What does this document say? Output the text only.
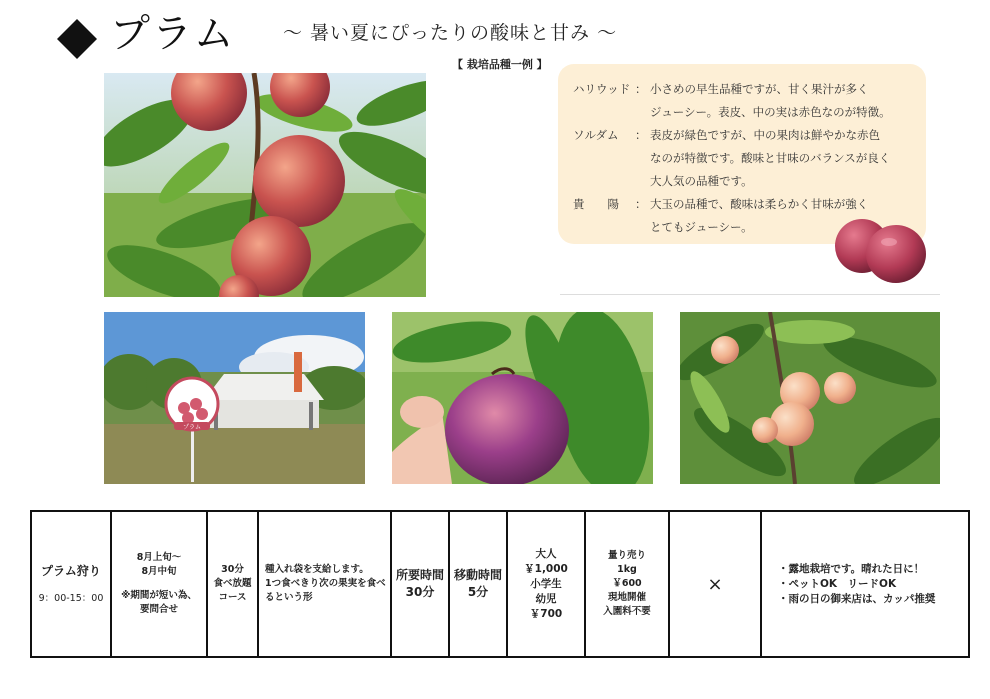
プラム ～ 暑い夏にぴったりの酸味と甘み ～
【 栽培品種一例 】
ハリウッド ： 小さめの早生品種ですが、甘く果汁が多く
ジューシー。表皮、中の実は赤色なのが特徴。
ソルダム ： 表皮が緑色ですが、中の果肉は鮮やかな赤色
なのが特徴です。酸味と甘味のバランスが良く
大人気の品種です。
貴　　陽 ： 大玉の品種で、酸味は柔らかく甘味が強く
とてもジューシー。
プラム
プラム狩り
9：00-15：00
8月上旬～
8月中旬
※期間が短い為、
要問合せ
30分
食べ放題
コース
種入れ袋を支給します。
1つ食べきり次の果実を食べ
るという形
所要時間
30分
移動時間
5分
大人
￥1,000
小学生
幼児
￥700
量り売り
1kg
￥600
現地開催
入園料不要
×
・露地栽培です。晴れた日に！
・ペットOK　リードOK
・雨の日の御来店は、カッパ推奨
